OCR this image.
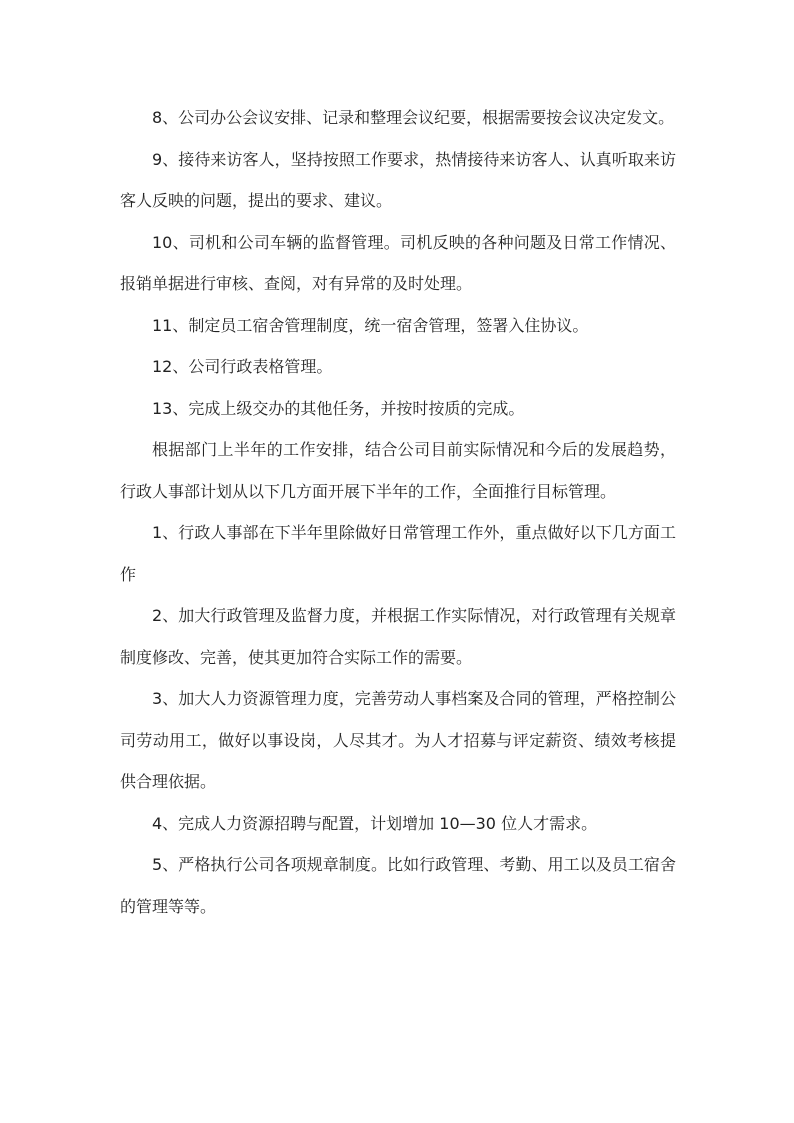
8、公司办公会议安排、记录和整理会议纪要，根据需要按会议决定发文。

9、接待来访客人，坚持按照工作要求，热情接待来访客人、认真听取来访客人反映的问题，提出的要求、建议。

10、司机和公司车辆的监督管理。司机反映的各种问题及日常工作情况、报销单据进行审核、查阅，对有异常的及时处理。

11、制定员工宿舍管理制度，统一宿舍管理，签署入住协议。

12、公司行政表格管理。

13、完成上级交办的其他任务，并按时按质的完成。

根据部门上半年的工作安排，结合公司目前实际情况和今后的发展趋势，行政人事部计划从以下几方面开展下半年的工作，全面推行目标管理。

1、行政人事部在下半年里除做好日常管理工作外，重点做好以下几方面工作

2、加大行政管理及监督力度，并根据工作实际情况，对行政管理有关规章制度修改、完善，使其更加符合实际工作的需要。

3、加大人力资源管理力度，完善劳动人事档案及合同的管理，严格控制公司劳动用工，做好以事设岗，人尽其才。为人才招募与评定薪资、绩效考核提供合理依据。

4、完成人力资源招聘与配置，计划增加 10—30 位人才需求。

5、严格执行公司各项规章制度。比如行政管理、考勤、用工以及员工宿舍的管理等等。
